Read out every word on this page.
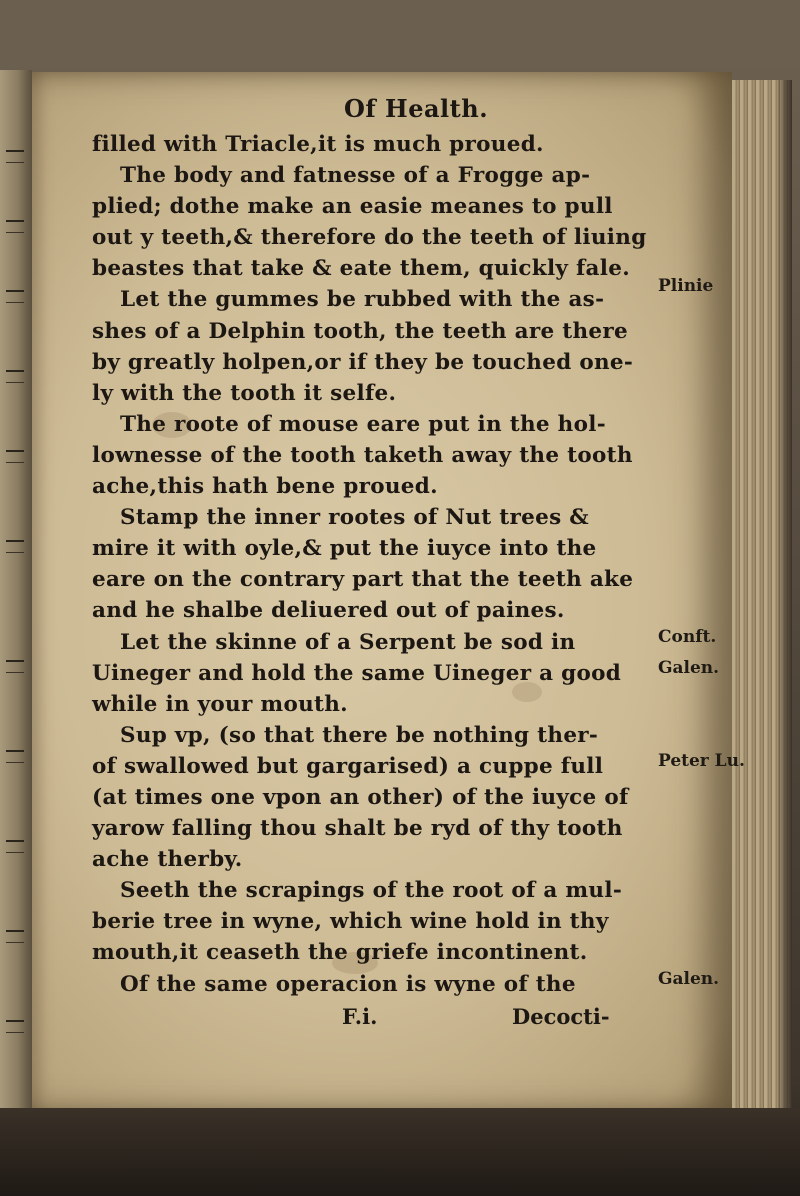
Of Health.
filled with Triacle,it is much proued.
The body and fatnesse of a Frogge ap-
plied; dothe make an easie meanes to pull
out y teeth,& therefore do the teeth of liuing
beastes that take & eate them, quickly fale.
Let the gummes be rubbed with the as-
shes of a Delphin tooth, the teeth are there
by greatly holpen,or if they be touched one-
ly with the tooth it selfe.
The roote of mouse eare put in the hol-
lownesse of the tooth taketh away the tooth
ache,this hath bene proued.
Stamp the inner rootes of Nut trees &
mire it with oyle,& put the iuyce into the
eare on the contrary part that the teeth ake
and he shalbe deliuered out of paines.
Let the skinne of a Serpent be sod in
Uineger and hold the same Uineger a good
while in your mouth.
Sup vp, (so that there be nothing ther-
of swallowed but gargarised) a cuppe full
(at times one vpon an other) of the iuyce of
yarow falling thou shalt be ryd of thy tooth
ache therby.
Seeth the scrapings of the root of a mul-
berie tree in wyne, which wine hold in thy
mouth,it ceaseth the griefe incontinent.
Of the same operacion is wyne of the
F.i.	Decocti-
Plinie
Conft.
Galen.
Peter Lu.
Galen.
